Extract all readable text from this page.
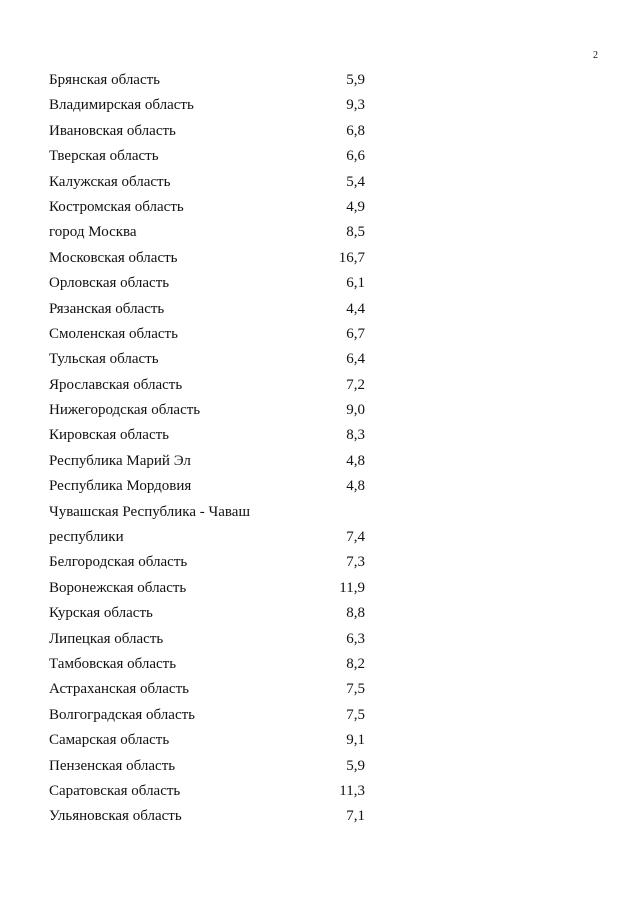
2
Брянская область	5,9
Владимирская область	9,3
Ивановская область	6,8
Тверская область	6,6
Калужская область	5,4
Костромская область	4,9
город Москва	8,5
Московская область	16,7
Орловская область	6,1
Рязанская область	4,4
Смоленская область	6,7
Тульская область	6,4
Ярославская область	7,2
Нижегородская область	9,0
Кировская область	8,3
Республика Марий Эл	4,8
Республика Мордовия	4,8
Чувашская Республика - Чаваш
республики	7,4
Белгородская область	7,3
Воронежская область	11,9
Курская область	8,8
Липецкая область	6,3
Тамбовская область	8,2
Астраханская область	7,5
Волгоградская область	7,5
Самарская область	9,1
Пензенская область	5,9
Саратовская область	11,3
Ульяновская область	7,1
